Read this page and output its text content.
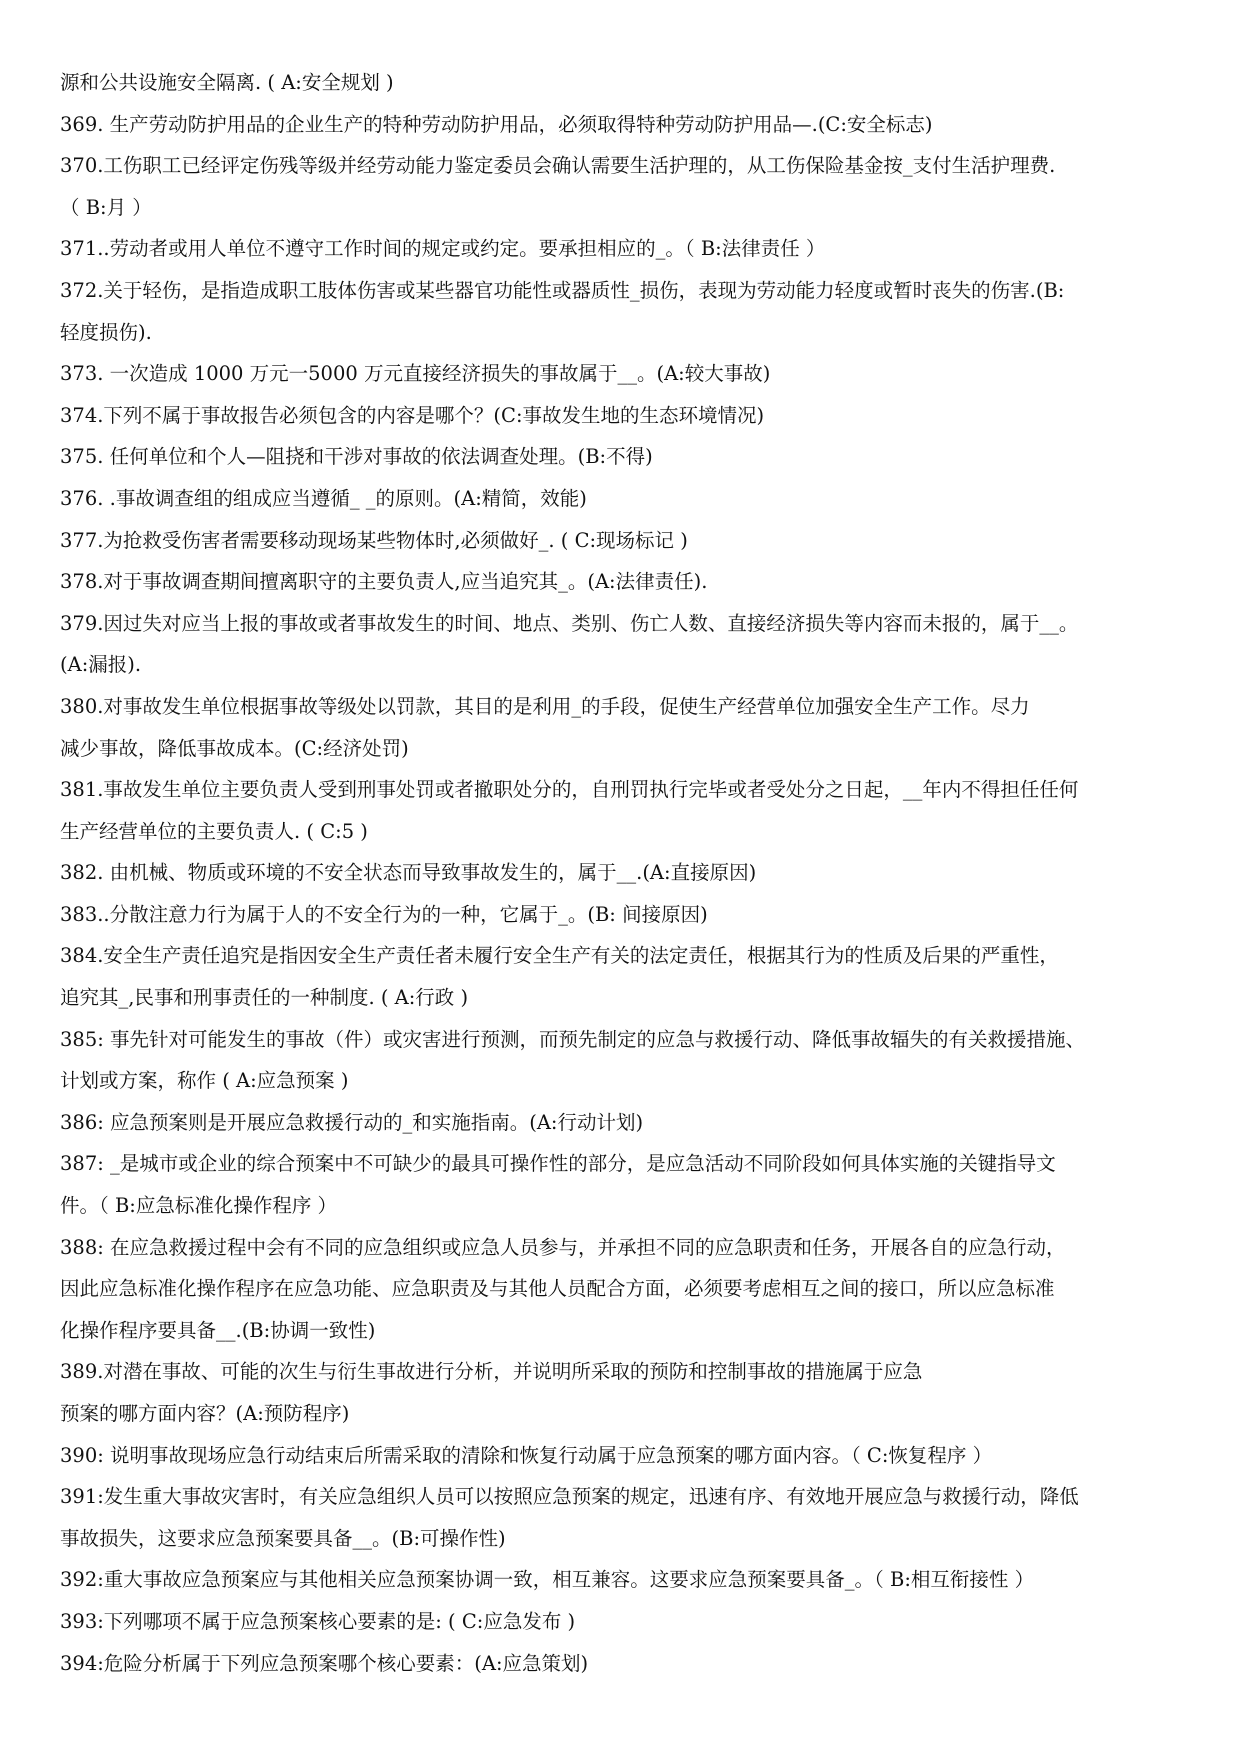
源和公共设施安全隔离. ( A:安全规划 )
369. 生产劳动防护用品的企业生产的特种劳动防护用品，必须取得特种劳动防护用品—.(C:安全标志)
370.工伤职工已经评定伤残等级并经劳动能力鉴定委员会确认需要生活护理的，从工伤保险基金按_支付生活护理费.
（ B:月 ）
371..劳动者或用人单位不遵守工作时间的规定或约定。要承担相应的_。（ B:法律责任 ）
372.关于轻伤，是指造成职工肢体伤害或某些器官功能性或器质性_损伤，表现为劳动能力轻度或暂时丧失的伤害.(B:
轻度损伤).
373. 一次造成 1000 万元一5000 万元直接经济损失的事故属于__。(A:较大事故)
374.下列不属于事故报告必须包含的内容是哪个？(C:事故发生地的生态环境情况)
375. 任何单位和个人—阻挠和干涉对事故的依法调查处理。(B:不得)
376. .事故调查组的组成应当遵循_ _的原则。(A:精简，效能)
377.为抢救受伤害者需要移动现场某些物体时,必须做好_. ( C:现场标记 )
378.对于事故调查期间擅离职守的主要负责人,应当追究其_。(A:法律责任).
379.因过失对应当上报的事故或者事故发生的时间、地点、类别、伤亡人数、直接经济损失等内容而未报的，属于__。
(A:漏报).
380.对事故发生单位根据事故等级处以罚款，其目的是利用_的手段，促使生产经营单位加强安全生产工作。尽力
减少事故，降低事故成本。(C:经济处罚)
381.事故发生单位主要负责人受到刑事处罚或者撤职处分的，自刑罚执行完毕或者受处分之日起，__年内不得担任任何
生产经营单位的主要负责人. ( C:5 )
382. 由机械、物质或环境的不安全状态而导致事故发生的，属于__.(A:直接原因)
383..分散注意力行为属于人的不安全行为的一种，它属于_。(B: 间接原因)
384.安全生产责任追究是指因安全生产责任者未履行安全生产有关的法定责任，根据其行为的性质及后果的严重性，
追究其_,民事和刑事责任的一种制度. ( A:行政 )
385: 事先针对可能发生的事故（件）或灾害进行预测，而预先制定的应急与救援行动、降低事故辐失的有关救援措施、
计划或方案，称作 ( A:应急预案 )
386: 应急预案则是开展应急救援行动的_和实施指南。(A:行动计划)
387: _是城市或企业的综合预案中不可缺少的最具可操作性的部分，是应急活动不同阶段如何具体实施的关键指导文
件。（ B:应急标准化操作程序 ）
388: 在应急救援过程中会有不同的应急组织或应急人员参与，并承担不同的应急职责和任务，开展各自的应急行动，
因此应急标准化操作程序在应急功能、应急职责及与其他人员配合方面，必须要考虑相互之间的接口，所以应急标准
化操作程序要具备__.(B:协调一致性)
389.对潜在事故、可能的次生与衍生事故进行分析，并说明所采取的预防和控制事故的措施属于应急
预案的哪方面内容？(A:预防程序)
390: 说明事故现场应急行动结束后所需采取的清除和恢复行动属于应急预案的哪方面内容。（ C:恢复程序 ）
391:发生重大事故灾害时，有关应急组织人员可以按照应急预案的规定，迅速有序、有效地开展应急与救援行动，降低
事故损失，这要求应急预案要具备__。(B:可操作性)
392:重大事故应急预案应与其他相关应急预案协调一致，相互兼容。这要求应急预案要具备_。（ B:相互衔接性 ）
393:下列哪项不属于应急预案核心要素的是: ( C:应急发布 )
394:危险分析属于下列应急预案哪个核心要素：(A:应急策划)
